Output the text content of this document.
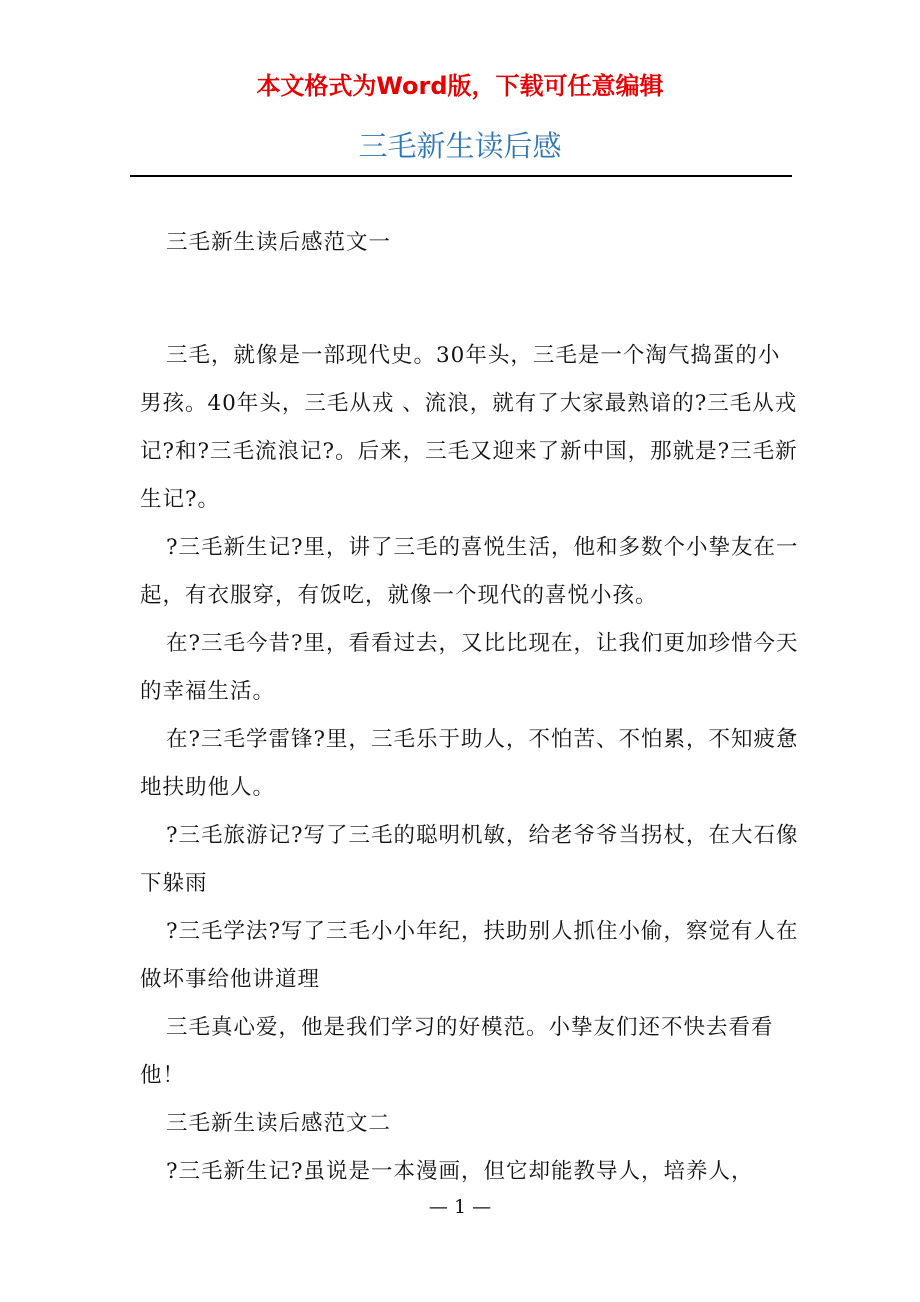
本文格式为Word版，下载可任意编辑
三毛新生读后感

三毛新生读后感范文一

三毛，就像是一部现代史。30年头，三毛是一个淘气捣蛋的小男孩。40年头，三毛从戎 、流浪，就有了大家最熟谙的?三毛从戎记?和?三毛流浪记?。后来，三毛又迎来了新中国，那就是?三毛新生记?。

?三毛新生记?里，讲了三毛的喜悦生活，他和多数个小挚友在一起，有衣服穿，有饭吃，就像一个现代的喜悦小孩。

在?三毛今昔?里，看看过去，又比比现在，让我们更加珍惜今天的幸福生活。

在?三毛学雷锋?里，三毛乐于助人，不怕苦、不怕累，不知疲惫地扶助他人。

?三毛旅游记?写了三毛的聪明机敏，给老爷爷当拐杖，在大石像下躲雨

?三毛学法?写了三毛小小年纪，扶助别人抓住小偷，察觉有人在做坏事给他讲道理

三毛真心爱，他是我们学习的好模范。小挚友们还不快去看看他！

三毛新生读后感范文二

?三毛新生记?虽说是一本漫画，但它却能教导人，培养人，

— 1 —
